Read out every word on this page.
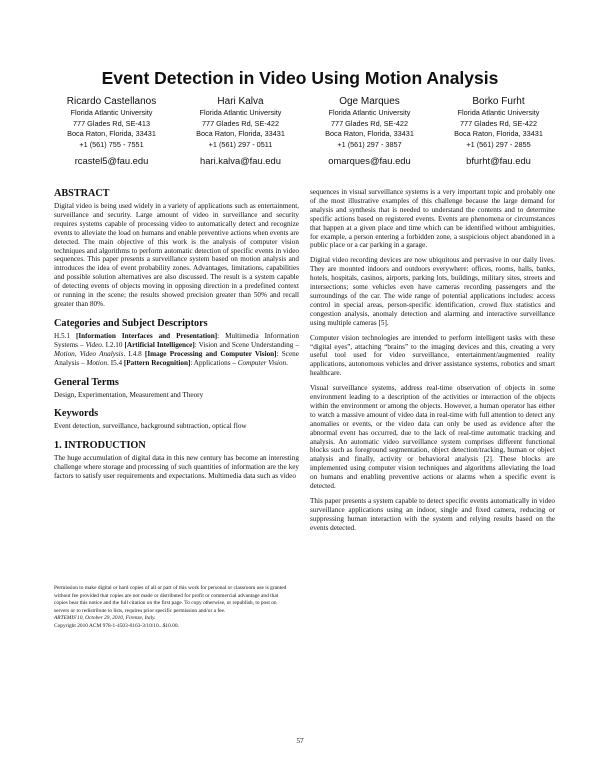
Event Detection in Video Using Motion Analysis
Ricardo Castellanos
Florida Atlantic University
777 Glades Rd, SE-413
Boca Raton, Florida, 33431
+1 (561) 755 - 7551
rcastel5@fau.edu
Hari Kalva
Florida Atlantic University
777 Glades Rd, SE-422
Boca Raton, Florida, 33431
+1 (561) 297 - 0511
hari.kalva@fau.edu
Oge Marques
Florida Atlantic University
777 Glades Rd, SE-422
Boca Raton, Florida, 33431
+1 (561) 297 - 3857
omarques@fau.edu
Borko Furht
Florida Atlantic University
777 Glades Rd, SE-422
Boca Raton, Florida, 33431
+1 (561) 297 - 2855
bfurht@fau.edu
ABSTRACT

Digital video is being used widely in a variety of applications such as entertainment, surveillance and security. Large amount of video in surveillance and security requires systems capable of processing video to automatically detect and recognize events to alleviate the load on humans and enable preventive actions when events are detected. The main objective of this work is the analysis of computer vision techniques and algorithms to perform automatic detection of specific events in video sequences. This paper presents a surveillance system based on motion analysis and introduces the idea of event probability zones. Advantages, limitations, capabilities and possible solution alternatives are also discussed. The result is a system capable of detecting events of objects moving in opposing direction in a predefined context or running in the scene; the results showed precision greater than 50% and recall greater than 80%.

Categories and Subject Descriptors

H.5.1 [Information Interfaces and Presentation]: Multimedia Information Systems – Video. I.2.10 [Artificial Intelligence]: Vision and Scene Understanding – Motion, Video Analysis. I.4.8 [Image Processing and Computer Vision]: Scene Analysis – Motion. I5.4 [Pattern Recognition]: Applications – Computer Vision.

General Terms

Design, Experimentation, Measurement and Theory

Keywords

Event detection, surveillance, background subtraction, optical flow

1. INTRODUCTION

The huge accumulation of digital data in this new century has become an interesting challenge where storage and processing of such quantities of information are the key factors to satisfy user requirements and expectations. Multimedia data such as video

Permission to make digital or hard copies of all or part of this work for personal or classroom use is granted without fee provided that copies are not made or distributed for profit or commercial advantage and that copies bear this notice and the full citation on the first page. To copy otherwise, or republish, to post on servers or to redistribute to lists, requires prior specific permission and/or a fee.
ARTEMIS'10, October 29, 2010, Firenze, Italy.
Copyright 2010 ACM 978-1-4503-0163-3/10/10...$10.00.

sequences in visual surveillance systems is a very important topic and probably one of the most illustrative examples of this challenge because the large demand for analysis and synthesis that is needed to understand the contents and to determine specific actions based on registered events. Events are phenomena or circumstances that happen at a given place and time which can be identified without ambiguities, for example, a person entering a forbidden zone, a suspicious object abandoned in a public place or a car parking in a garage.

Digital video recording devices are now ubiquitous and pervasive in our daily lives. They are mounted indoors and outdoors everywhere: offices, rooms, halls, banks, hotels, hospitals, casinos, airports, parking lots, buildings, military sites, streets and intersections; some vehicles even have cameras recording passengers and the surroundings of the car. The wide range of potential applications includes: access control in special areas, person-specific identification, crowd flux statistics and congestion analysis, anomaly detection and alarming and interactive surveillance using multiple cameras [5].

Computer vision technologies are intended to perform intelligent tasks with these “digital eyes”, attaching “brains” to the imaging devices and this, creating a very useful tool used for video surveillance, entertainment/augmented reality applications, autonomous vehicles and driver assistance systems, robotics and smart healthcare.

Visual surveillance systems, address real-time observation of objects in some environment leading to a description of the activities or interaction of the objects within the environment or among the objects. However, a human operator has either to watch a massive amount of video data in real-time with full attention to detect any anomalies or events, or the video data can only be used as evidence after the abnormal event has occurred, due to the lack of real-time automatic tracking and analysis. An automatic video surveillance system comprises different functional blocks such as foreground segmentation, object detection/tracking, human or object analysis and finally, activity or behavioral analysis [2]. These blocks are implemented using computer vision techniques and algorithms alleviating the load on humans and enabling preventive actions or alarms when a specific event is detected.

This paper presents a system capable to detect specific events automatically in video surveillance applications using an indoor, single and fixed camera, reducing or suppressing human interaction with the system and relying results based on the events detected.

57
